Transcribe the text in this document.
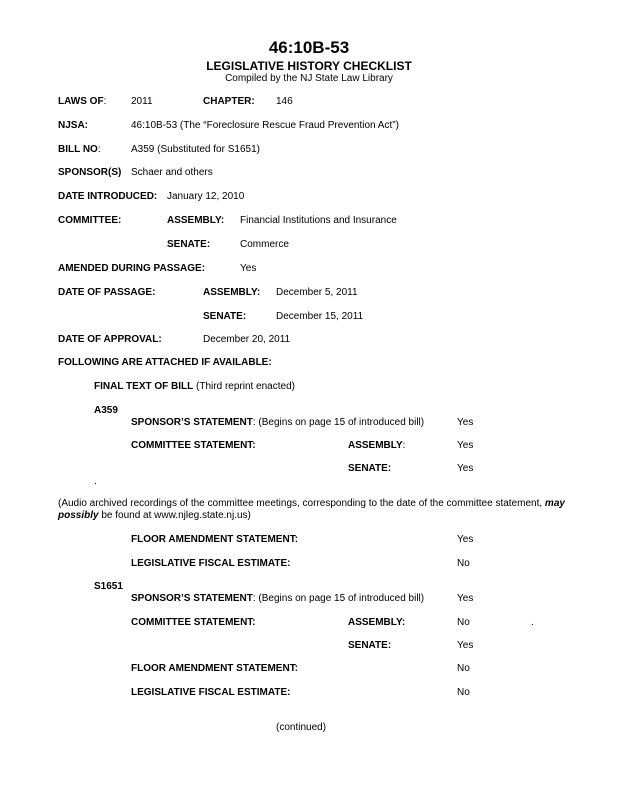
46:10B-53
LEGISLATIVE HISTORY CHECKLIST
Compiled by the NJ State Law Library
LAWS OF: 2011	CHAPTER: 146
NJSA:	46:10B-53 (The “Foreclosure Rescue Fraud Prevention Act”)
BILL NO:	A359 (Substituted for S1651)
SPONSOR(S) Schaer and others
DATE INTRODUCED: January 12, 2010
COMMITTEE:	ASSEMBLY: Financial Institutions and Insurance
SENATE:	Commerce
AMENDED DURING PASSAGE:	Yes
DATE OF PASSAGE:	ASSEMBLY: December 5, 2011
SENATE:	December 15, 2011
DATE OF APPROVAL:	December 20, 2011
FOLLOWING ARE ATTACHED IF AVAILABLE:
FINAL TEXT OF BILL (Third reprint enacted)
A359
SPONSOR’S STATEMENT: (Begins on page 15 of introduced bill)	Yes
COMMITTEE STATEMENT:	ASSEMBLY:	Yes
SENATE:	Yes
.
(Audio archived recordings of the committee meetings, corresponding to the date of the committee statement, may possibly be found at www.njleg.state.nj.us)
FLOOR AMENDMENT STATEMENT:	Yes
LEGISLATIVE FISCAL ESTIMATE:	No
S1651
SPONSOR’S STATEMENT: (Begins on page 15 of introduced bill)	Yes
COMMITTEE STATEMENT:	ASSEMBLY:	No	.
SENATE:	Yes
FLOOR AMENDMENT STATEMENT:	No
LEGISLATIVE FISCAL ESTIMATE:	No
(continued)
